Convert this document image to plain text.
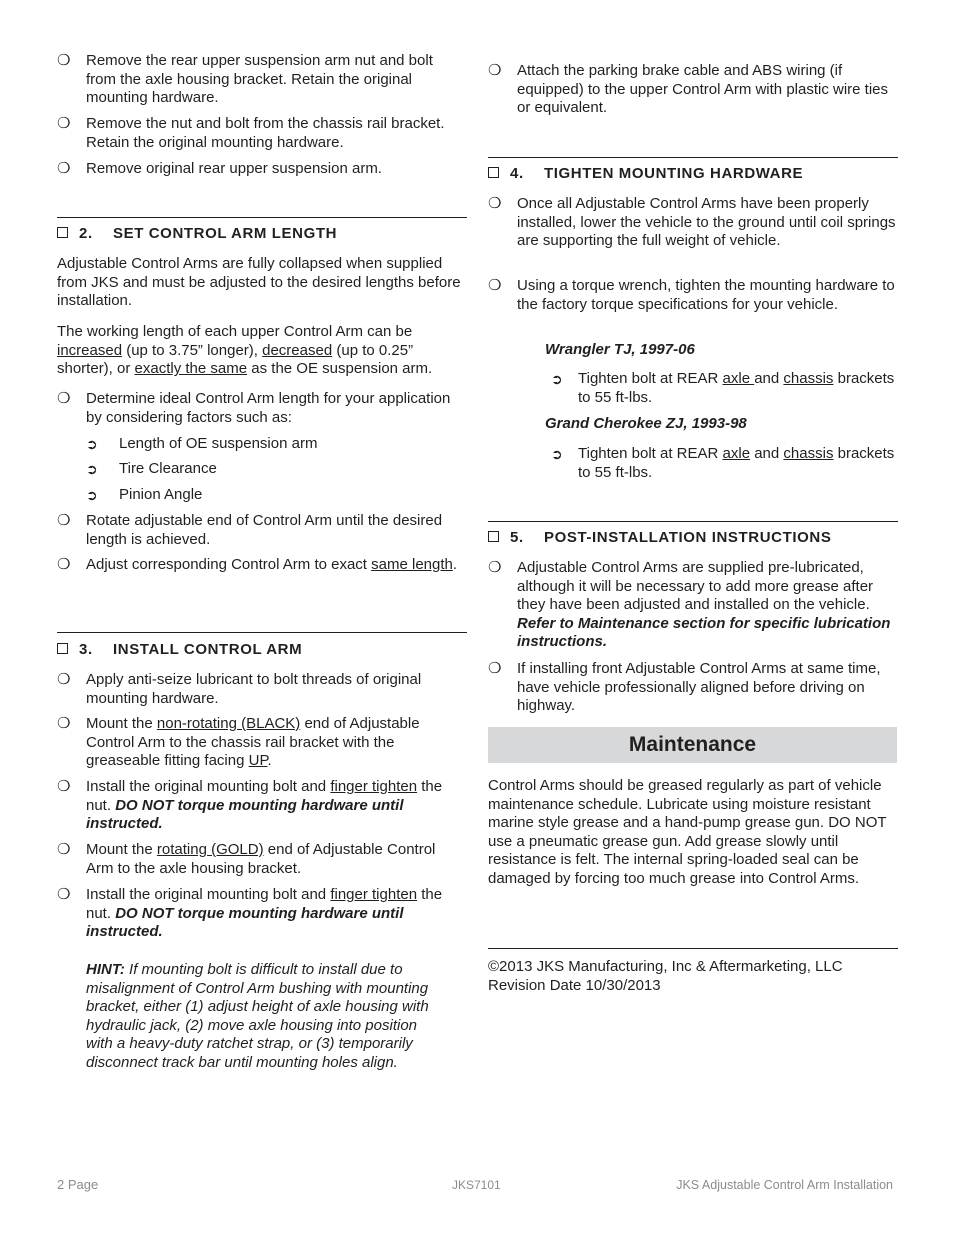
❍ Remove the rear upper suspension arm nut and bolt from the axle housing bracket. Retain the original mounting hardware.
❍ Remove the nut and bolt from the chassis rail bracket. Retain the original mounting hardware.
❍ Remove original rear upper suspension arm.
2. SET CONTROL ARM LENGTH
Adjustable Control Arms are fully collapsed when supplied from JKS and must be adjusted to the desired lengths before installation.
The working length of each upper Control Arm can be increased (up to 3.75” longer), decreased (up to 0.25” shorter), or exactly the same as the OE suspension arm.
❍ Determine ideal Control Arm length for your application by considering factors such as:
➲ Length of OE suspension arm
➲ Tire Clearance
➲ Pinion Angle
❍ Rotate adjustable end of Control Arm until the desired length is achieved.
❍ Adjust corresponding Control Arm to exact same length.
3. INSTALL CONTROL ARM
❍ Apply anti-seize lubricant to bolt threads of original mounting hardware.
❍ Mount the non-rotating (BLACK) end of Adjustable Control Arm to the chassis rail bracket with the greaseable fitting facing UP.
❍ Install the original mounting bolt and finger tighten the nut. DO NOT torque mounting hardware until instructed.
❍ Mount the rotating (GOLD) end of Adjustable Control Arm to the axle housing bracket.
❍ Install the original mounting bolt and finger tighten the nut. DO NOT torque mounting hardware until instructed.
HINT: If mounting bolt is difficult to install due to misalignment of Control Arm bushing with mounting bracket, either (1) adjust height of axle housing with hydraulic jack, (2) move axle housing into position with a heavy-duty ratchet strap, or (3) temporarily disconnect track bar until mounting holes align.
❍ Attach the parking brake cable and ABS wiring (if equipped) to the upper Control Arm with plastic wire ties or equivalent.
4. TIGHTEN MOUNTING HARDWARE
❍ Once all Adjustable Control Arms have been properly installed, lower the vehicle to the ground until coil springs are supporting the full weight of vehicle.
❍ Using a torque wrench, tighten the mounting hardware to the factory torque specifications for your vehicle.
Wrangler TJ, 1997-06
➲ Tighten bolt at REAR axle and chassis brackets to 55 ft-lbs.
Grand Cherokee ZJ, 1993-98
➲ Tighten bolt at REAR axle and chassis brackets to 55 ft-lbs.
5. POST-INSTALLATION INSTRUCTIONS
❍ Adjustable Control Arms are supplied pre-lubricated, although it will be necessary to add more grease after they have been adjusted and installed on the vehicle. Refer to Maintenance section for specific lubrication instructions.
❍ If installing front Adjustable Control Arms at same time, have vehicle professionally aligned before driving on highway.
Maintenance
Control Arms should be greased regularly as part of vehicle maintenance schedule. Lubricate using moisture resistant marine style grease and a hand-pump grease gun. DO NOT use a pneumatic grease gun. Add grease slowly until resistance is felt. The internal spring-loaded seal can be damaged by forcing too much grease into Control Arms.
©2013 JKS Manufacturing, Inc & Aftermarketing, LLC
Revision Date 10/30/2013
2 Page	JKS7101	JKS Adjustable Control Arm Installation
